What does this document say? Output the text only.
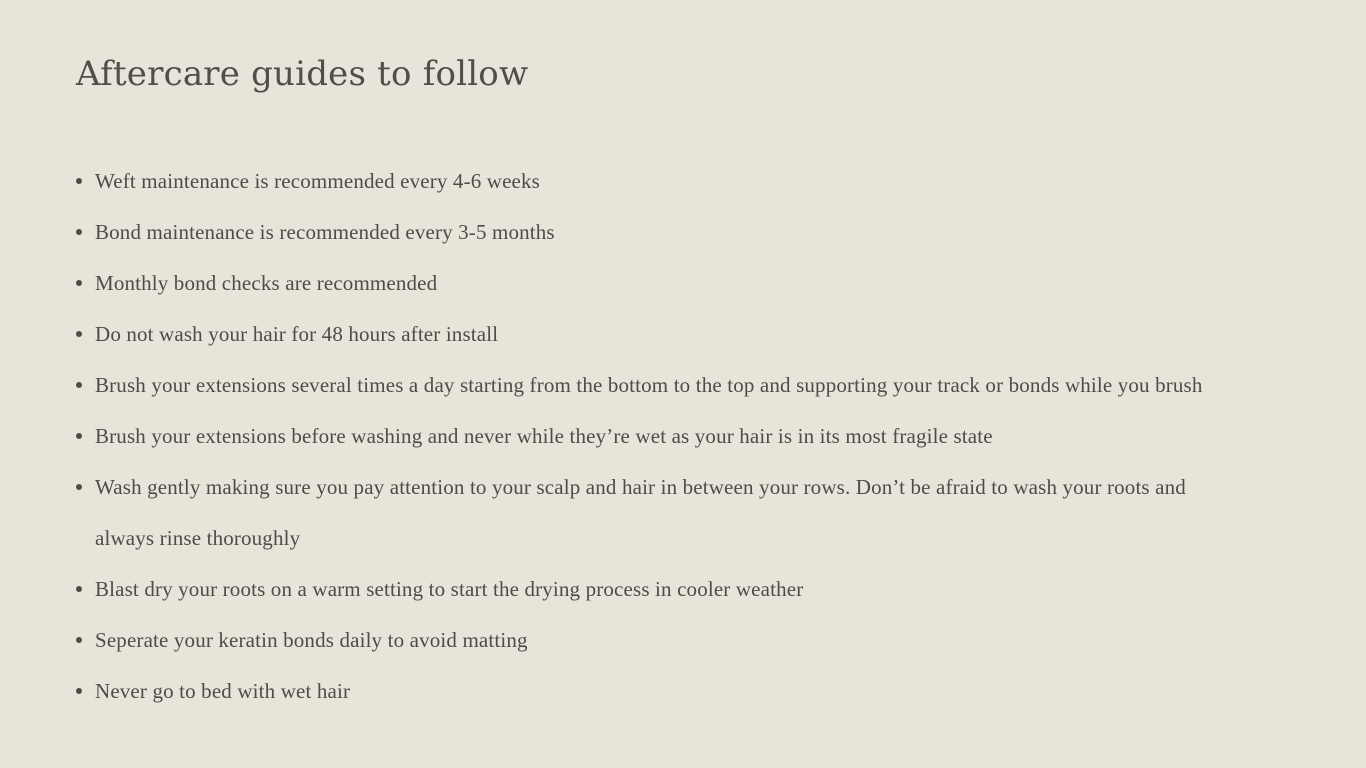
Aftercare guides to follow
Weft maintenance is recommended every 4-6 weeks
Bond maintenance is recommended every 3-5 months
Monthly bond checks are recommended
Do not wash your hair for 48 hours after install
Brush your extensions several times a day starting from the bottom to the top and supporting your track or bonds while you brush
Brush your extensions before washing and never while they’re wet as your hair is in its most fragile state
Wash gently making sure you pay attention to your scalp and hair in between your rows. Don’t be afraid to wash your roots and always rinse thoroughly
Blast dry your roots on a warm setting to start the drying process in cooler weather
Seperate your keratin bonds daily to avoid matting
Never go to bed with wet hair
